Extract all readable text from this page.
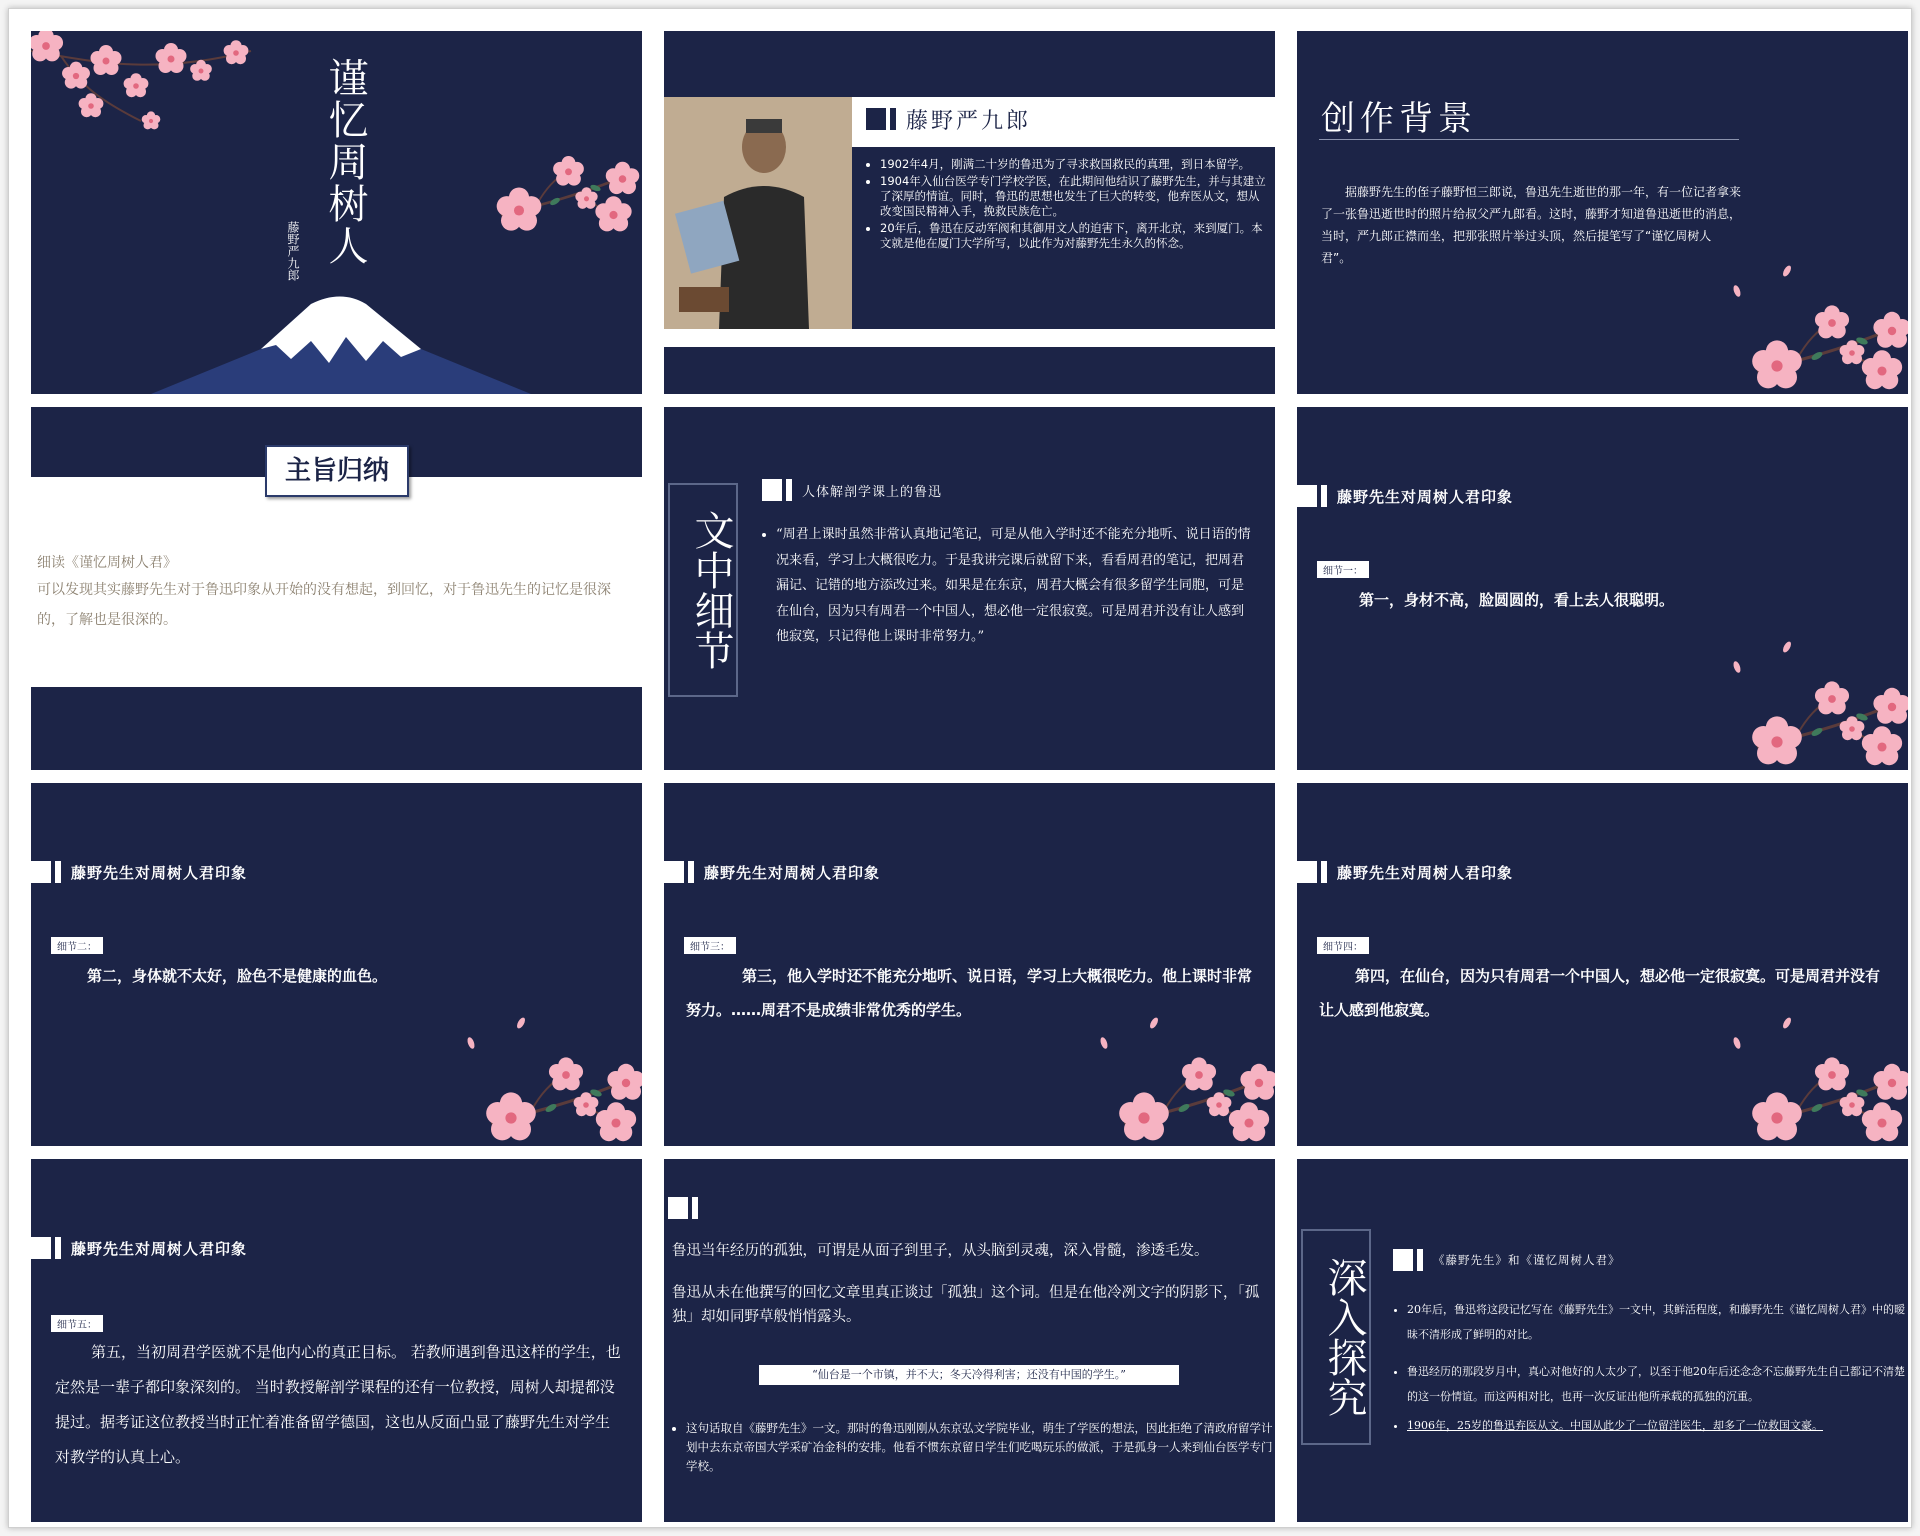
谨忆周树人
藤野严九郎
藤野严九郎
• 1902年4月，刚满二十岁的鲁迅为了寻求救国救民的真理，到日本留学。
• 1904年入仙台医学专门学校学医，在此期间他结识了藤野先生，并与其建立了深厚的情谊。同时，鲁迅的思想也发生了巨大的转变，他弃医从文，想从改变国民精神入手，挽救民族危亡。
• 20年后，鲁迅在反动军阀和其御用文人的迫害下，离开北京，来到厦门。本文就是他在厦门大学所写，以此作为对藤野先生永久的怀念。
创作背景
据藤野先生的侄子藤野恒三郎说，鲁迅先生逝世的那一年，有一位记者拿来了一张鲁迅逝世时的照片给叔父严九郎看。这时，藤野才知道鲁迅逝世的消息，当时，严九郎正襟而坐，把那张照片举过头顶，然后提笔写了“谨忆周树人君”。
主旨归纳
细读《谨忆周树人君》
可以发现其实藤野先生对于鲁迅印象从开始的没有想起，到回忆，对于鲁迅先生的记忆是很深的，了解也是很深的。	文中细节
人体解剖学课上的鲁迅
• “周君上课时虽然非常认真地记笔记，可是从他入学时还不能充分地听、说日语的情况来看，学习上大概很吃力。于是我讲完课后就留下来，看看周君的笔记，把周君漏记、记错的地方添改过来。如果是在东京，周君大概会有很多留学生同胞，可是在仙台，因为只有周君一个中国人，想必他一定很寂寞。可是周君并没有让人感到他寂寞，只记得他上课时非常努力。”
藤野先生对周树人君印象
细节一：
第一，身材不高，脸圆圆的，看上去人很聪明。
藤野先生对周树人君印象
细节二：
第二，身体就不太好，脸色不是健康的血色。
藤野先生对周树人君印象
细节三：
第三，他入学时还不能充分地听、说日语，学习上大概很吃力。他上课时非常努力。……周君不是成绩非常优秀的学生。
藤野先生对周树人君印象
细节四：
第四，在仙台，因为只有周君一个中国人，想必他一定很寂寞。可是周君并没有让人感到他寂寞。
藤野先生对周树人君印象
细节五：
第五，当初周君学医就不是他内心的真正目标。 若教师遇到鲁迅这样的学生，也定然是一辈子都印象深刻的。 当时教授解剖学课程的还有一位教授，周树人却提都没提过。据考证这位教授当时正忙着准备留学德国，这也从反面凸显了藤野先生对学生对教学的认真上心。
鲁迅当年经历的孤独，可谓是从面子到里子，从头脑到灵魂，深入骨髓，渗透毛发。
鲁迅从未在他撰写的回忆文章里真正谈过「孤独」这个词。但是在他冷冽文字的阴影下，「孤独」却如同野草般悄悄露头。
“仙台是一个市镇，并不大；冬天冷得利害；还没有中国的学生。”
• 这句话取自《藤野先生》一文。那时的鲁迅刚刚从东京弘文学院毕业，萌生了学医的想法，因此拒绝了清政府留学计划中去东京帝国大学采矿冶金科的安排。他看不惯东京留日学生们吃喝玩乐的做派，于是孤身一人来到仙台医学专门学校。
深入探究	《藤野先生》和《谨忆周树人君》
• 20年后，鲁迅将这段记忆写在《藤野先生》一文中，其鲜活程度，和藤野先生《谨忆周树人君》中的暧昧不清形成了鲜明的对比。
• 鲁迅经历的那段岁月中，真心对他好的人太少了，以至于他20年后还念念不忘藤野先生自己都记不清楚的这一份情谊。而这两相对比，也再一次反证出他所承载的孤独的沉重。
• 1906年，25岁的鲁迅弃医从文。中国从此少了一位留洋医生，却多了一位救国文豪。
